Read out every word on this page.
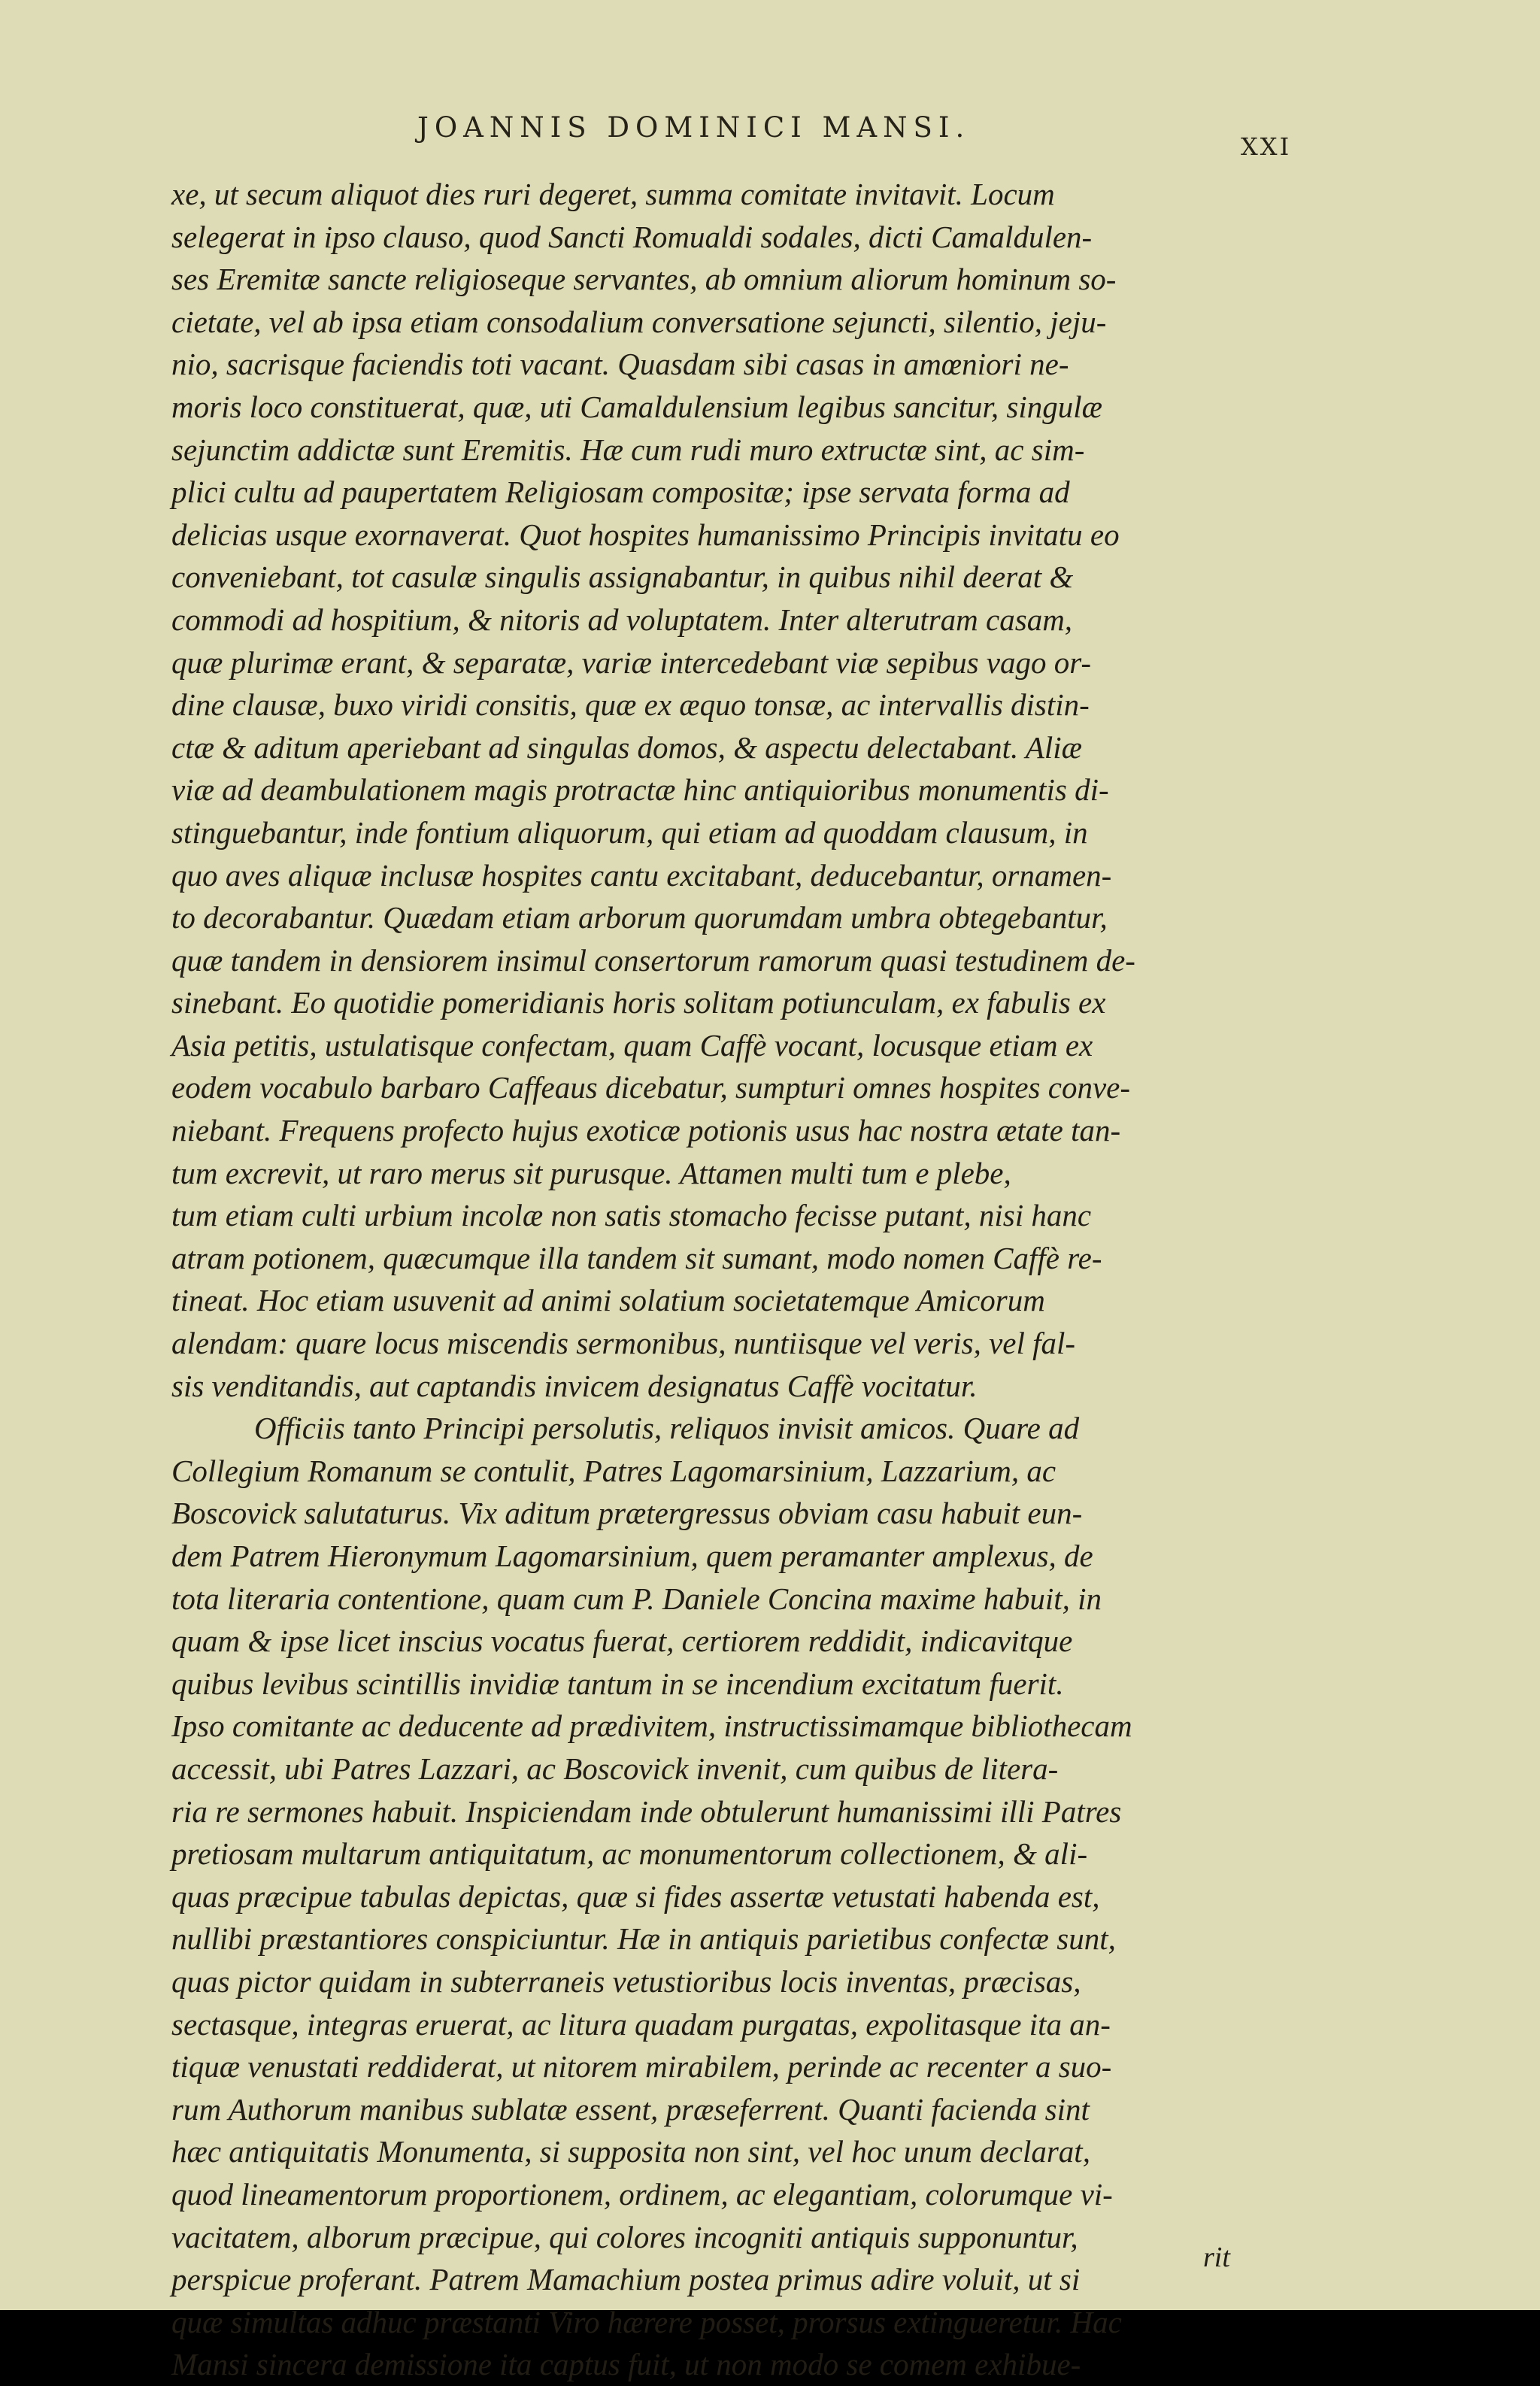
JOANNIS DOMINICI MANSI.
XXI
xe, ut secum aliquot dies ruri degeret, summa comitate invitavit. Locum
selegerat in ipso clauso, quod Sancti Romualdi sodales, dicti Camaldulen-
ses Eremitæ sancte religioseque servantes, ab omnium aliorum hominum so-
cietate, vel ab ipsa etiam consodalium conversatione sejuncti, silentio, jeju-
nio, sacrisque faciendis toti vacant. Quasdam sibi casas in amœniori ne-
moris loco constituerat, quæ, uti Camaldulensium legibus sancitur, singulæ
sejunctim addictæ sunt Eremitis. Hæ cum rudi muro extructæ sint, ac sim-
plici cultu ad paupertatem Religiosam compositæ; ipse servata forma ad
delicias usque exornaverat. Quot hospites humanissimo Principis invitatu eo
conveniebant, tot casulæ singulis assignabantur, in quibus nihil deerat &
commodi ad hospitium, & nitoris ad voluptatem. Inter alterutram casam,
quæ plurimæ erant, & separatæ, variæ intercedebant viæ sepibus vago or-
dine clausæ, buxo viridi consitis, quæ ex æquo tonsæ, ac intervallis distin-
ctæ & aditum aperiebant ad singulas domos, & aspectu delectabant. Aliæ
viæ ad deambulationem magis protractæ hinc antiquioribus monumentis di-
stinguebantur, inde fontium aliquorum, qui etiam ad quoddam clausum, in
quo aves aliquæ inclusæ hospites cantu excitabant, deducebantur, ornamen-
to decorabantur. Quædam etiam arborum quorumdam umbra obtegebantur,
quæ tandem in densiorem insimul consertorum ramorum quasi testudinem de-
sinebant. Eo quotidie pomeridianis horis solitam potiunculam, ex fabulis ex
Asia petitis, ustulatisque confectam, quam Caffè vocant, locusque etiam ex
eodem vocabulo barbaro Caffeaus dicebatur, sumpturi omnes hospites conve-
niebant. Frequens profecto hujus exoticæ potionis usus hac nostra ætate tan-
tum excrevit, ut raro merus sit purusque. Attamen multi tum e plebe,
tum etiam culti urbium incolæ non satis stomacho fecisse putant, nisi hanc
atram potionem, quæcumque illa tandem sit sumant, modo nomen Caffè re-
tineat. Hoc etiam usuvenit ad animi solatium societatemque Amicorum
alendam: quare locus miscendis sermonibus, nuntiisque vel veris, vel fal-
sis venditandis, aut captandis invicem designatus Caffè vocitatur.
Officiis tanto Principi persolutis, reliquos invisit amicos. Quare ad
Collegium Romanum se contulit, Patres Lagomarsinium, Lazzarium, ac
Boscovick salutaturus. Vix aditum prætergressus obviam casu habuit eun-
dem Patrem Hieronymum Lagomarsinium, quem peramanter amplexus, de
tota literaria contentione, quam cum P. Daniele Concina maxime habuit, in
quam & ipse licet inscius vocatus fuerat, certiorem reddidit, indicavitque
quibus levibus scintillis invidiæ tantum in se incendium excitatum fuerit.
Ipso comitante ac deducente ad prædivitem, instructissimamque bibliothecam
accessit, ubi Patres Lazzari, ac Boscovick invenit, cum quibus de litera-
ria re sermones habuit. Inspiciendam inde obtulerunt humanissimi illi Patres
pretiosam multarum antiquitatum, ac monumentorum collectionem, & ali-
quas præcipue tabulas depictas, quæ si fides assertæ vetustati habenda est,
nullibi præstantiores conspiciuntur. Hæ in antiquis parietibus confectæ sunt,
quas pictor quidam in subterraneis vetustioribus locis inventas, præcisas,
sectasque, integras eruerat, ac litura quadam purgatas, expolitasque ita an-
tiquæ venustati reddiderat, ut nitorem mirabilem, perinde ac recenter a suo-
rum Authorum manibus sublatæ essent, præseferrent. Quanti facienda sint
hæc antiquitatis Monumenta, si supposita non sint, vel hoc unum declarat,
quod lineamentorum proportionem, ordinem, ac elegantiam, colorumque vi-
vacitatem, alborum præcipue, qui colores incogniti antiquis supponuntur,
perspicue proferant. Patrem Mamachium postea primus adire voluit, ut si
quæ simultas adhuc præstanti Viro hærere posset, prorsus extingueretur. Hac
Mansi sincera demissione ita captus fuit, ut non modo se comem exhibue-
rit
